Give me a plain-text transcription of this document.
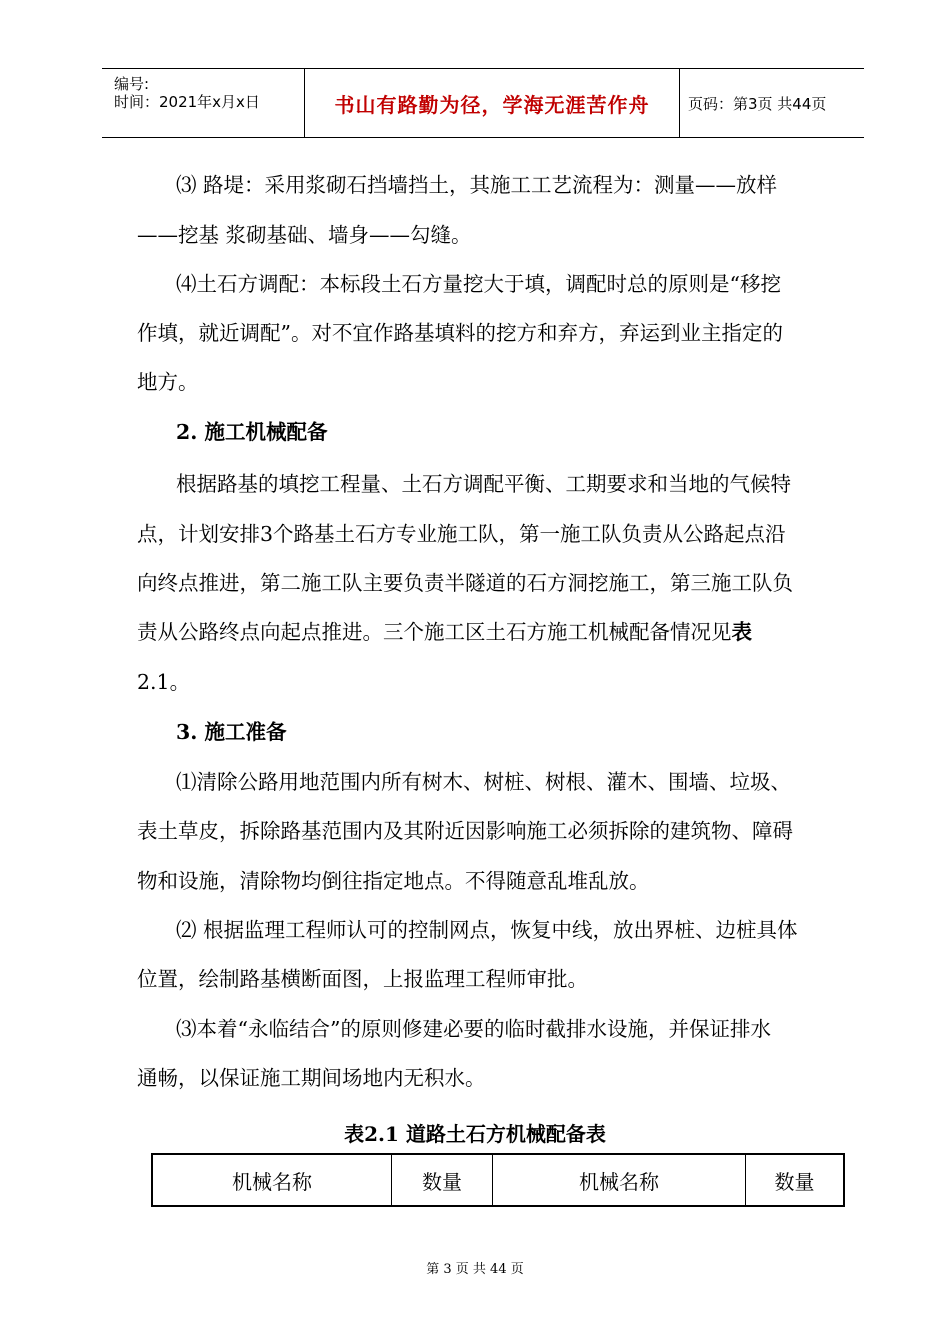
编号:
时间：2021年x月x日	书山有路勤为径，学海无涯苦作舟	页码：第3页 共44页
⑶ 路堤：采用浆砌石挡墙挡土，其施工工艺流程为：测量——放样
——挖基 浆砌基础、墙身——勾缝。
⑷土石方调配：本标段土石方量挖大于填，调配时总的原则是“移挖
作填，就近调配”。对不宜作路基填料的挖方和弃方，弃运到业主指定的
地方。
2. 施工机械配备
根据路基的填挖工程量、土石方调配平衡、工期要求和当地的气候特
点，计划安排3个路基土石方专业施工队，第一施工队负责从公路起点沿
向终点推进，第二施工队主要负责半隧道的石方洞挖施工，第三施工队负
责从公路终点向起点推进。三个施工区土石方施工机械配备情况见表
2.1。
3. 施工准备
⑴清除公路用地范围内所有树木、树桩、树根、灌木、围墙、垃圾、
表土草皮，拆除路基范围内及其附近因影响施工必须拆除的建筑物、障碍
物和设施，清除物均倒往指定地点。不得随意乱堆乱放。
⑵ 根据监理工程师认可的控制网点，恢复中线，放出界桩、边桩具体
位置，绘制路基横断面图，上报监理工程师审批。
⑶本着“永临结合”的原则修建必要的临时截排水设施，并保证排水
通畅，以保证施工期间场地内无积水。
表2.1 道路土石方机械配备表
机械名称	数量	机械名称	数量
第 3 页 共 44 页
